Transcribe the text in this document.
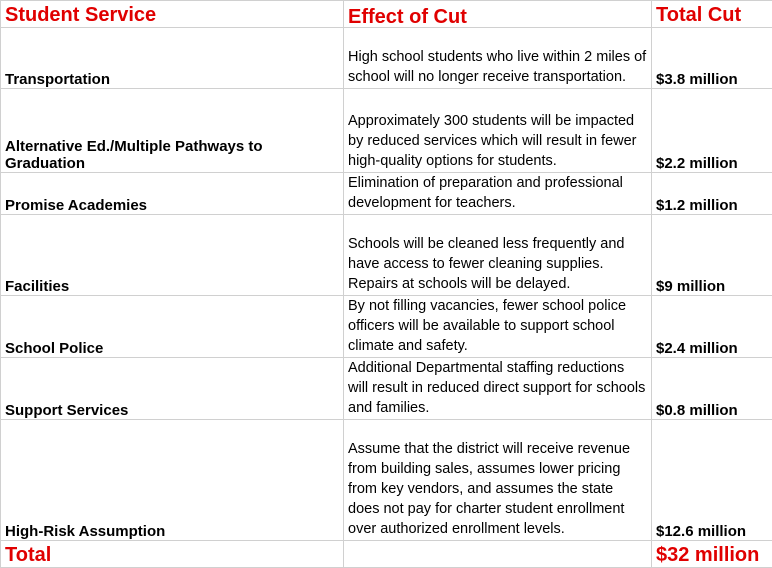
Student Service	Effect of Cut	Total Cut
Transportation	High school students who live within 2 miles of school will no longer receive transportation.	$3.8 million
Alternative Ed./Multiple Pathways to Graduation	Approximately 300 students will be impacted by reduced services which will result in fewer high-quality options for students.	$2.2 million
Promise Academies	Elimination of preparation and professional development for teachers.	$1.2 million
Facilities	Schools will be cleaned less frequently and have access to fewer cleaning supplies. Repairs at schools will be delayed.	$9 million
School Police	By not filling vacancies, fewer school police officers will be available to support school climate and safety.	$2.4 million
Support Services	Additional Departmental staffing reductions will result in reduced direct support for schools and families.	$0.8 million
High-Risk Assumption	Assume that the district will receive revenue from building sales, assumes lower pricing from key vendors, and assumes the state does not pay for charter student enrollment over authorized enrollment levels.	$12.6 million
Total		$32 million
